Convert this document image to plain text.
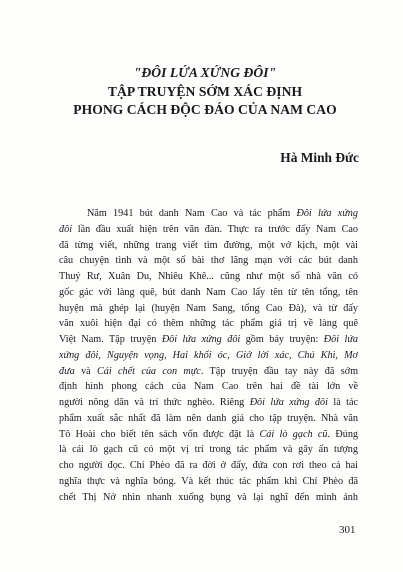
"ĐÔI LỨA XỨNG ĐÔI"
TẬP TRUYỆN SỚM XÁC ĐỊNH
PHONG CÁCH ĐỘC ĐÁO CỦA NAM CAO
Hà Minh Đức
Năm 1941 bút danh Nam Cao và tác phẩm Đôi lứa xứng
đôi lần đầu xuất hiện trên văn đàn. Thực ra trước đấy Nam Cao
đã từng viết, những trang viết tìm đường, một vở kịch, một vài
câu chuyện tình và một số bài thơ lãng mạn với các bút danh
Thuý Rư, Xuân Du, Nhiêu Khê... cũng như một số nhà văn có
gốc gác với làng quê, bút danh Nam Cao lấy tên từ tên tổng, tên
huyện mà ghép lại (huyện Nam Sang, tổng Cao Đà), và từ đấy
văn xuôi hiện đại có thêm những tác phẩm giá trị về làng quê
Việt Nam. Tập truyện Đôi lứa xứng đôi gồm bảy truyện: Đôi lứa
xứng đôi, Nguyện vọng, Hai khối óc, Giở lời xác, Chú Khì, Mơ
đưa và Cái chết của con mực. Tập truyện đầu tay này đã sớm
định hình phong cách của Nam Cao trên hai đề tài lớn về
người nông dân và trí thức nghèo. Riêng Đôi lứa xứng đôi là tác
phẩm xuất sắc nhất đã làm nên danh giá cho tập truyện. Nhà văn
Tô Hoài cho biết tên sách vốn được đặt là Cái lò gạch cũ. Đúng
là cái lò gạch cũ có một vị trí trong tác phẩm và gây ấn tượng
cho người đọc. Chí Phèo đã ra đời ở đấy, đứa con rơi theo cả hai
nghĩa thực và nghĩa bóng. Và kết thúc tác phẩm khi Chí Phèo đã
chết Thị Nở nhìn nhanh xuống bụng và lại nghĩ đến mình ảnh
301
